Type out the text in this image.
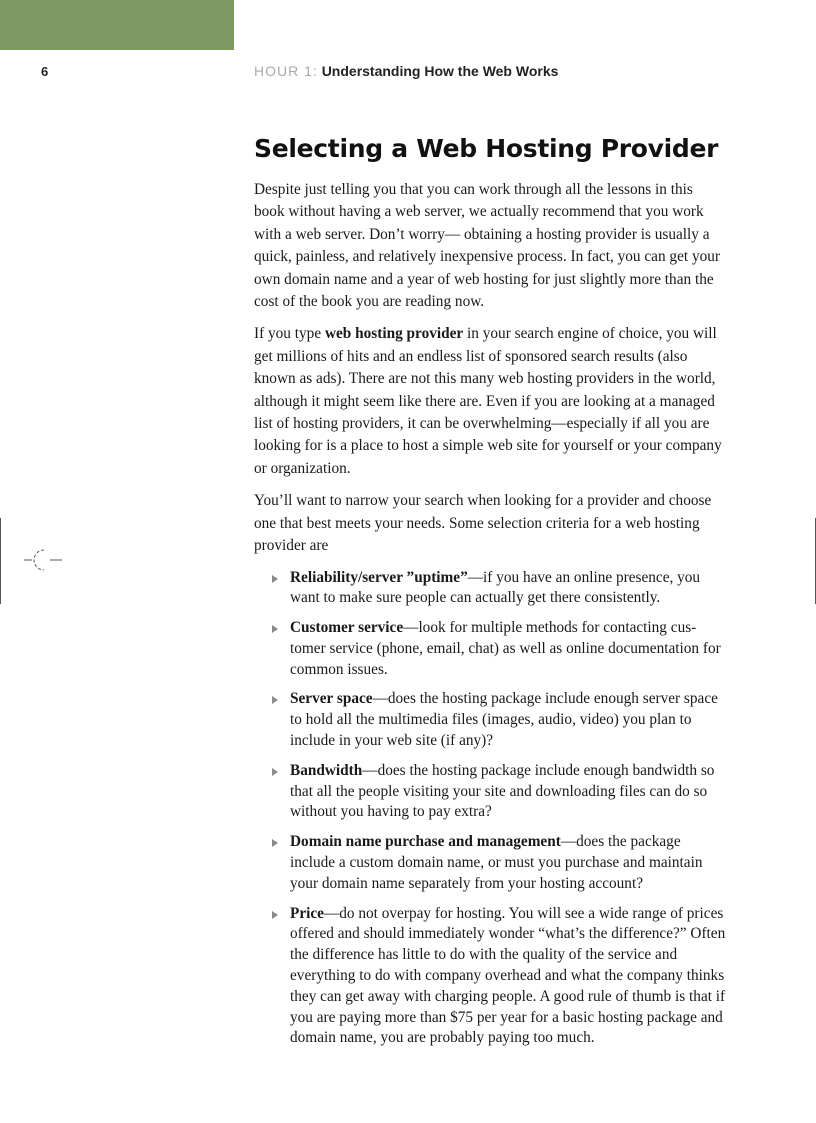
6	HOUR 1: Understanding How the Web Works
Selecting a Web Hosting Provider

Despite just telling you that you can work through all the lessons in this book without having a web server, we actually recommend that you work with a web server. Don’t worry— obtaining a hosting provider is usually a quick, painless, and relatively inexpensive process. In fact, you can get your own domain name and a year of web hosting for just slightly more than the cost of the book you are reading now.

If you type web hosting provider in your search engine of choice, you will get millions of hits and an endless list of sponsored search results (also known as ads). There are not this many web hosting providers in the world, although it might seem like there are. Even if you are looking at a managed list of hosting providers, it can be overwhelming—especially if all you are looking for is a place to host a simple web site for yourself or your company or organization.

You’ll want to narrow your search when looking for a provider and choose one that best meets your needs. Some selection criteria for a web hosting provider are

Reliability/server ”uptime”—if you have an online presence, you want to make sure people can actually get there consistently.
Customer service—look for multiple methods for contacting cus-tomer service (phone, email, chat) as well as online documentation for common issues.
Server space—does the hosting package include enough server space to hold all the multimedia files (images, audio, video) you plan to include in your web site (if any)?
Bandwidth—does the hosting package include enough bandwidth so that all the people visiting your site and downloading files can do so without you having to pay extra?
Domain name purchase and management—does the package include a custom domain name, or must you purchase and maintain your domain name separately from your hosting account?
Price—do not overpay for hosting. You will see a wide range of prices offered and should immediately wonder “what’s the difference?” Often the difference has little to do with the quality of the service and everything to do with company overhead and what the company thinks they can get away with charging people. A good rule of thumb is that if you are paying more than $75 per year for a basic hosting package and domain name, you are probably paying too much.
